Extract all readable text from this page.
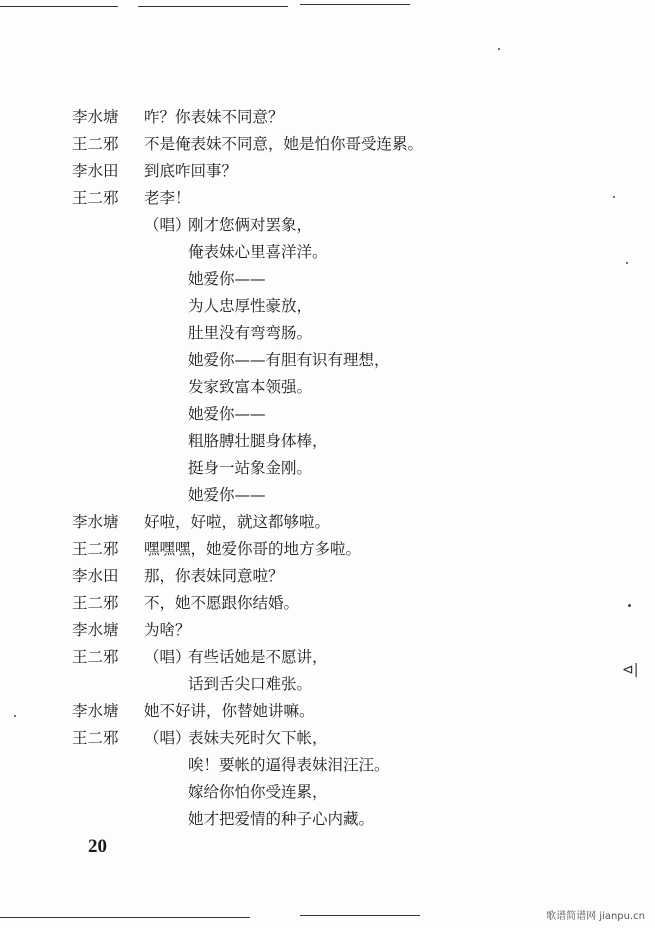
李水塘	咋？你表妹不同意？
王二邪	不是俺表妹不同意，她是怕你哥受连累。
李水田	到底咋回事？
王二邪	老李！
（唱）
刚才您俩对罢象，
俺表妹心里喜洋洋。
她爱你——
为人忠厚性豪放，
肚里没有弯弯肠。
她爱你——有胆有识有理想，
发家致富本领强。
她爱你——
粗胳膊壮腿身体棒，
挺身一站象金刚。
她爱你——
李水塘	好啦，好啦，就这都够啦。
王二邪	嘿嘿嘿，她爱你哥的地方多啦。
李水田	那，你表妹同意啦？
王二邪	不，她不愿跟你结婚。
李水塘	为啥？
王二邪	（唱）
有些话她是不愿讲，
话到舌尖口难张。
李水塘	她不好讲，你替她讲嘛。
王二邪	（唱）
表妹夫死时欠下帐，
唉！要帐的逼得表妹泪汪汪。
嫁给你怕你受连累，
她才把爱情的种子心内藏。
⊲|
20
歌谱简谱网 jianpu.cn
